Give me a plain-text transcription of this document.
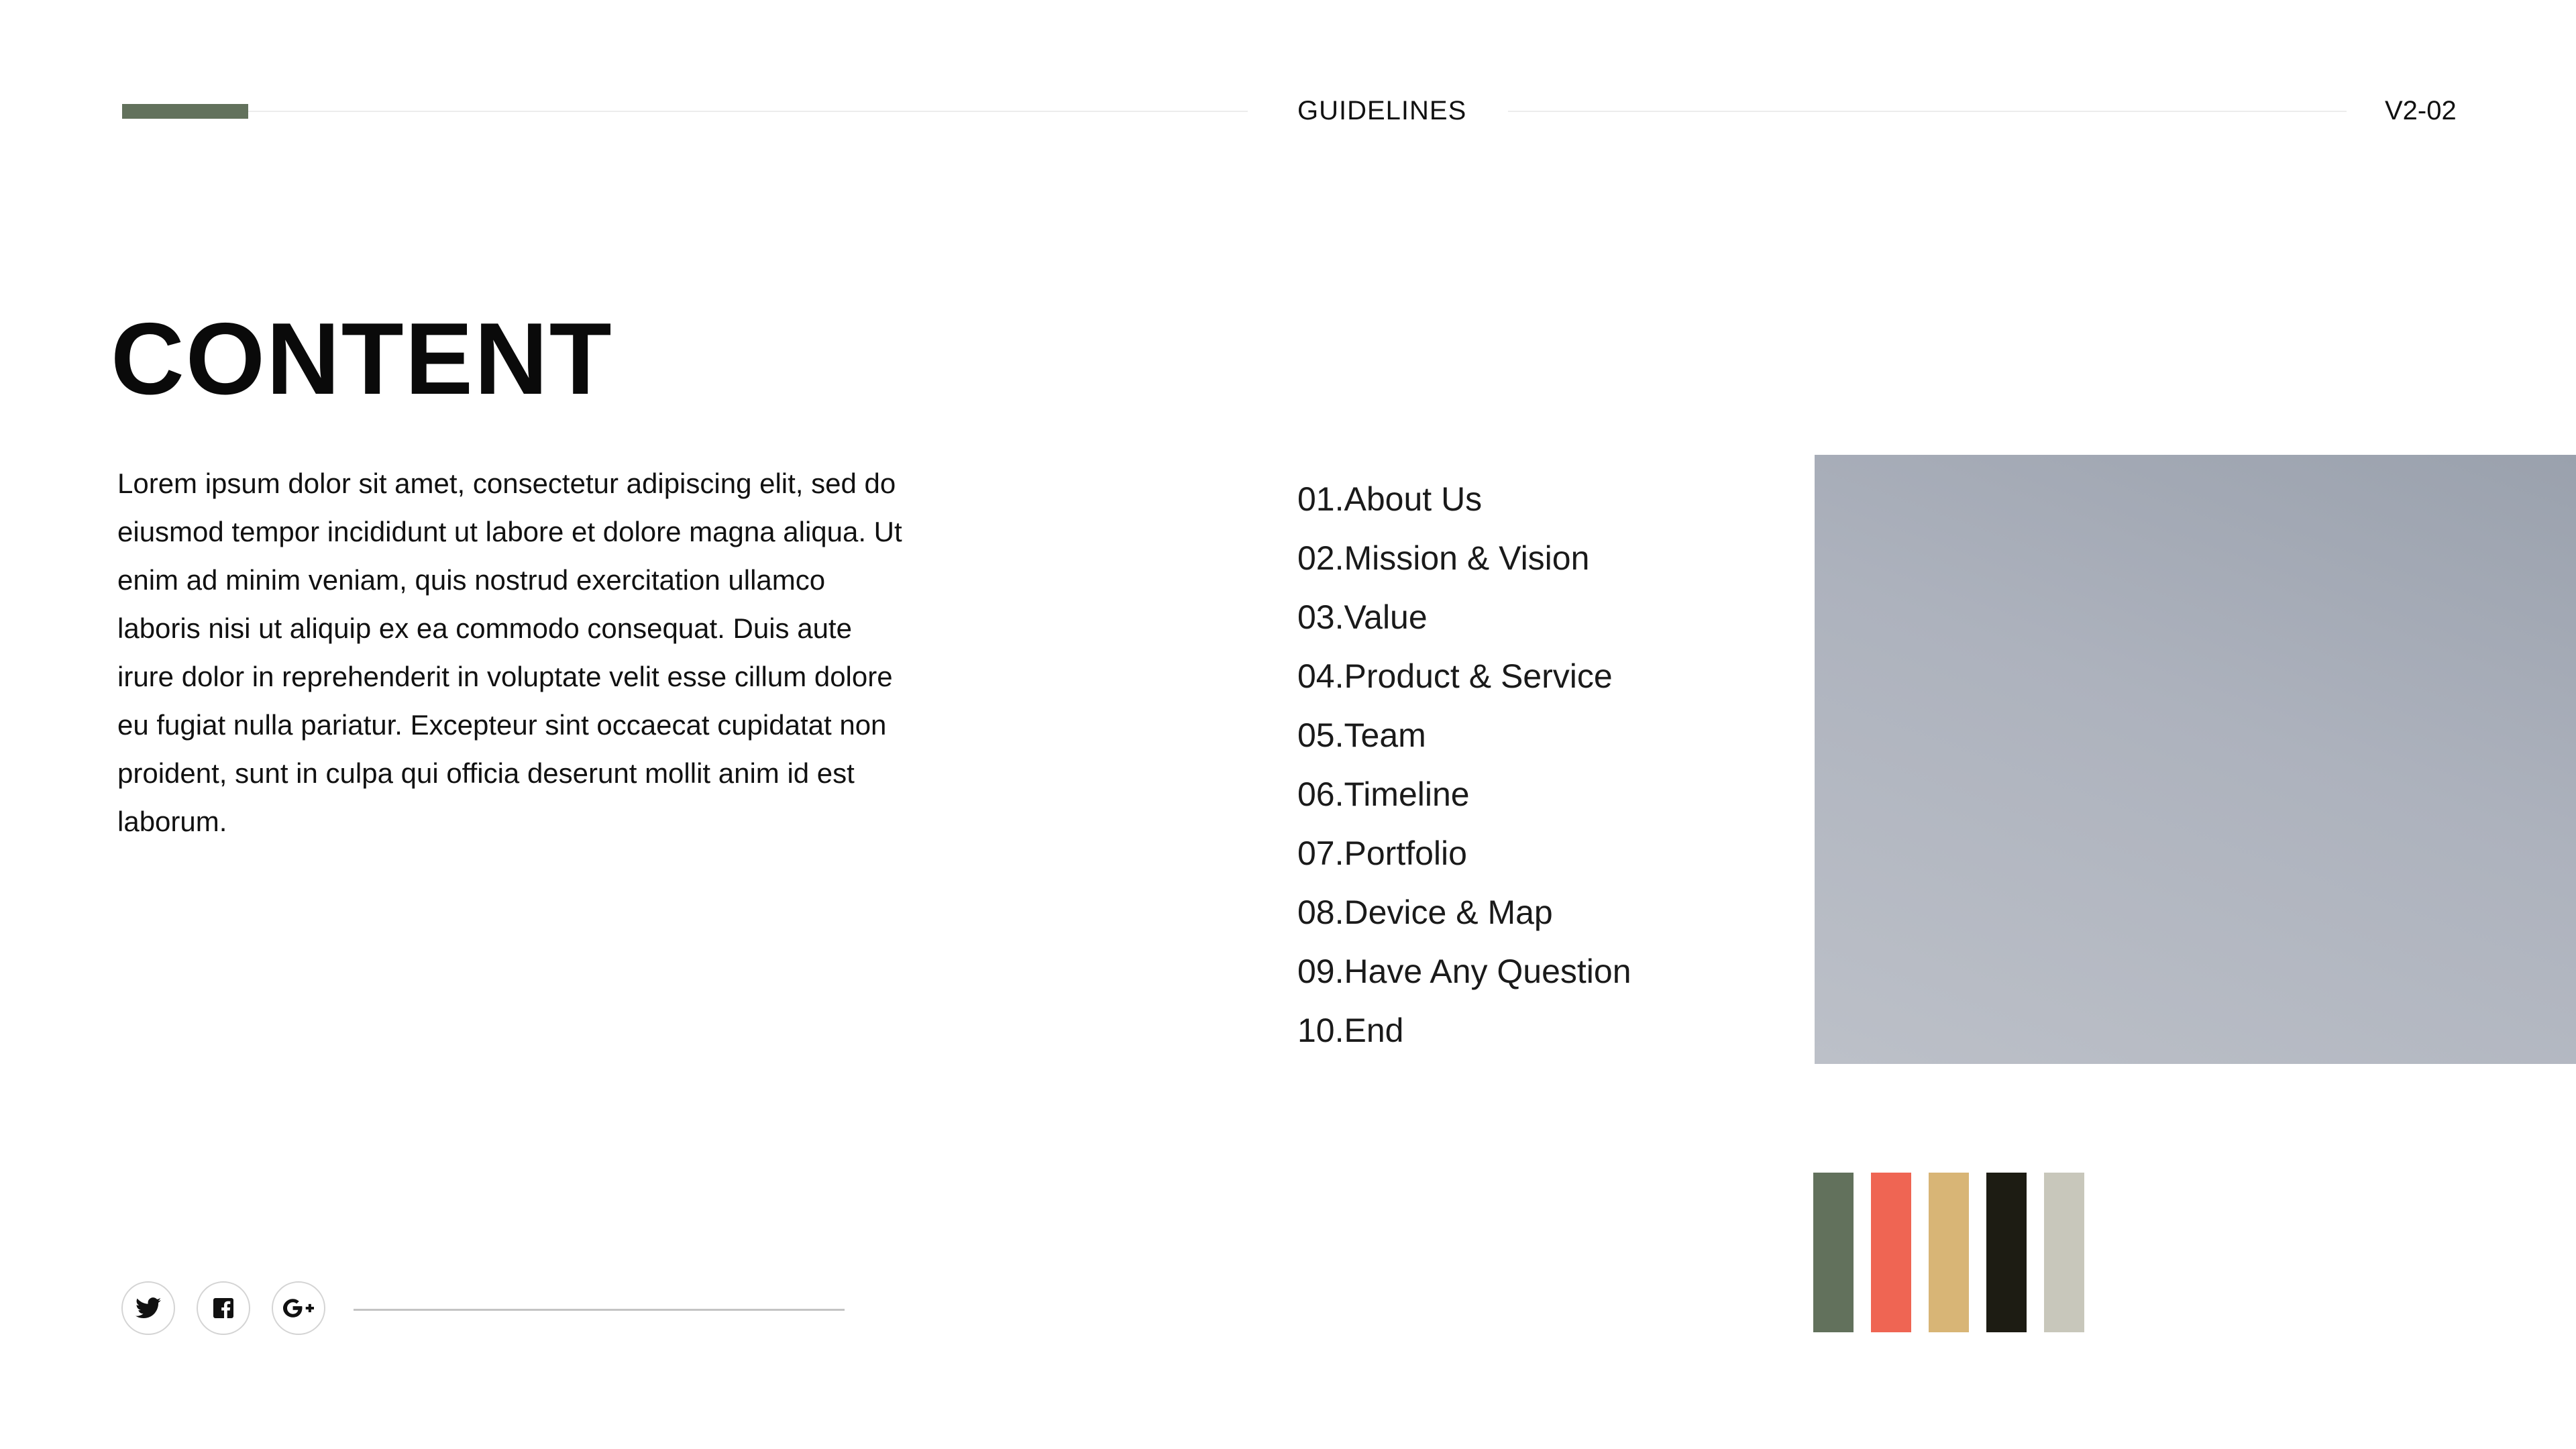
GUIDELINES	V2-02
CONTENT

Lorem ipsum dolor sit amet, consectetur adipiscing elit, sed do eiusmod tempor incididunt ut labore et dolore magna aliqua. Ut enim ad minim veniam, quis nostrud exercitation ullamco laboris nisi ut aliquip ex ea commodo consequat. Duis aute irure dolor in reprehenderit in voluptate velit esse cillum dolore eu fugiat nulla pariatur. Excepteur sint occaecat cupidatat non proident, sunt in culpa qui officia deserunt mollit anim id est laborum.

01.About Us
02.Mission & Vision
03.Value
04.Product & Service
05.Team
06.Timeline
07.Portfolio
08.Device & Map
09.Have Any Question
10.End
